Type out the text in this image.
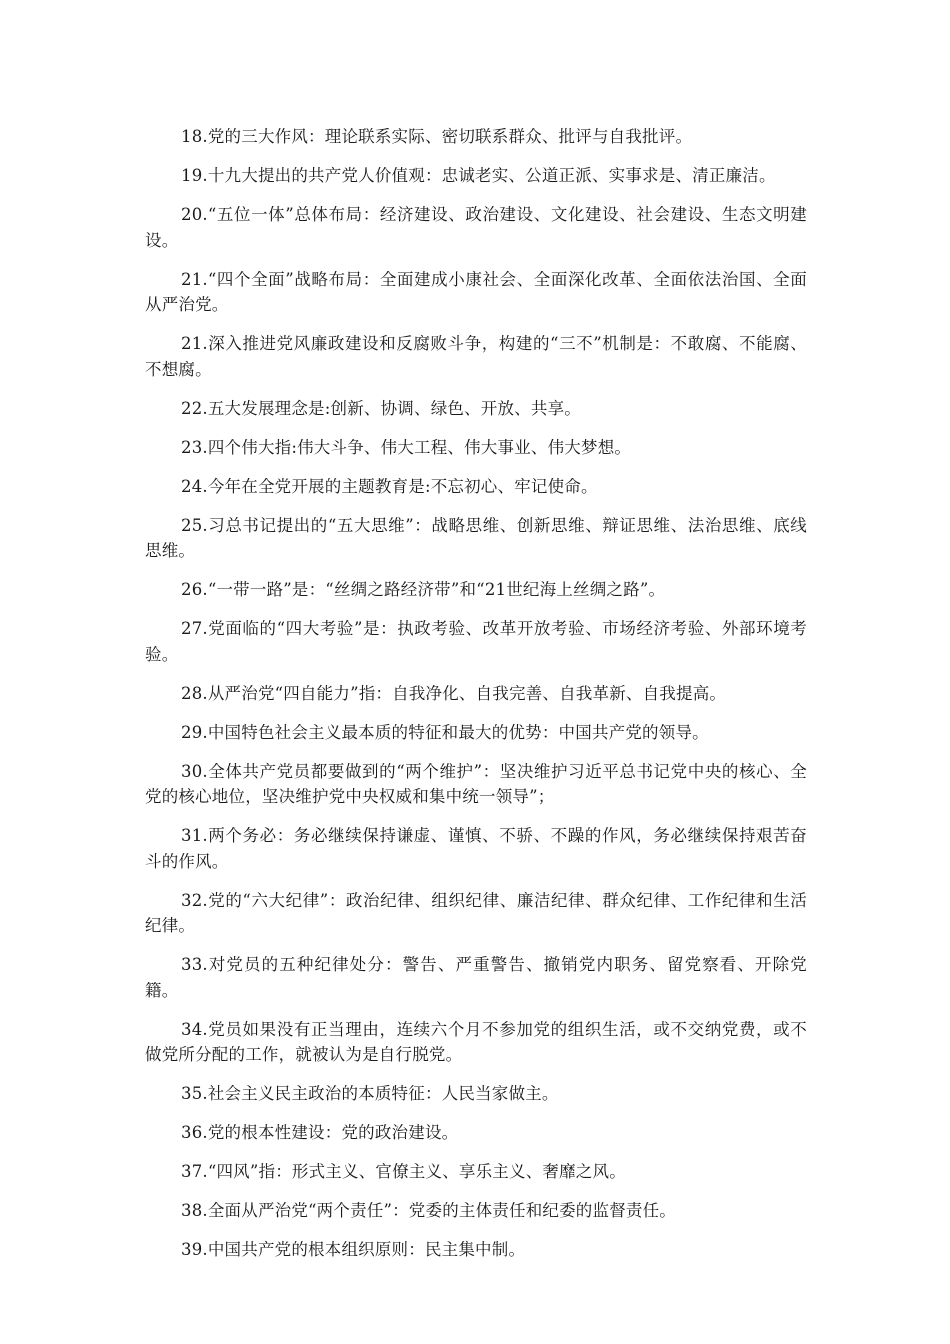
18.党的三大作风：理论联系实际、密切联系群众、批评与自我批评。

19.十九大提出的共产党人价值观：忠诚老实、公道正派、实事求是、清正廉洁。

20.“五位一体”总体布局：经济建设、政治建设、文化建设、社会建设、生态文明建设。

21.“四个全面”战略布局：全面建成小康社会、全面深化改革、全面依法治国、全面从严治党。

21.深入推进党风廉政建设和反腐败斗争，构建的“三不”机制是：不敢腐、不能腐、不想腐。

22.五大发展理念是:创新、协调、绿色、开放、共享。

23.四个伟大指:伟大斗争、伟大工程、伟大事业、伟大梦想。

24.今年在全党开展的主题教育是:不忘初心、牢记使命。

25.习总书记提出的“五大思维”：战略思维、创新思维、辩证思维、法治思维、底线思维。

26.“一带一路”是：“丝绸之路经济带”和“21世纪海上丝绸之路”。

27.党面临的“四大考验”是：执政考验、改革开放考验、市场经济考验、外部环境考验。

28.从严治党“四自能力”指：自我净化、自我完善、自我革新、自我提高。

29.中国特色社会主义最本质的特征和最大的优势：中国共产党的领导。

30.全体共产党员都要做到的“两个维护”：坚决维护习近平总书记党中央的核心、全党的核心地位，坚决维护党中央权威和集中统一领导”；

31.两个务必：务必继续保持谦虚、谨慎、不骄、不躁的作风，务必继续保持艰苦奋斗的作风。

32.党的“六大纪律”：政治纪律、组织纪律、廉洁纪律、群众纪律、工作纪律和生活纪律。

33.对党员的五种纪律处分：警告、严重警告、撤销党内职务、留党察看、开除党籍。

34.党员如果没有正当理由，连续六个月不参加党的组织生活，或不交纳党费，或不做党所分配的工作，就被认为是自行脱党。

35.社会主义民主政治的本质特征：人民当家做主。

36.党的根本性建设：党的政治建设。

37.“四风”指：形式主义、官僚主义、享乐主义、奢靡之风。

38.全面从严治党“两个责任”：党委的主体责任和纪委的监督责任。

39.中国共产党的根本组织原则：民主集中制。
